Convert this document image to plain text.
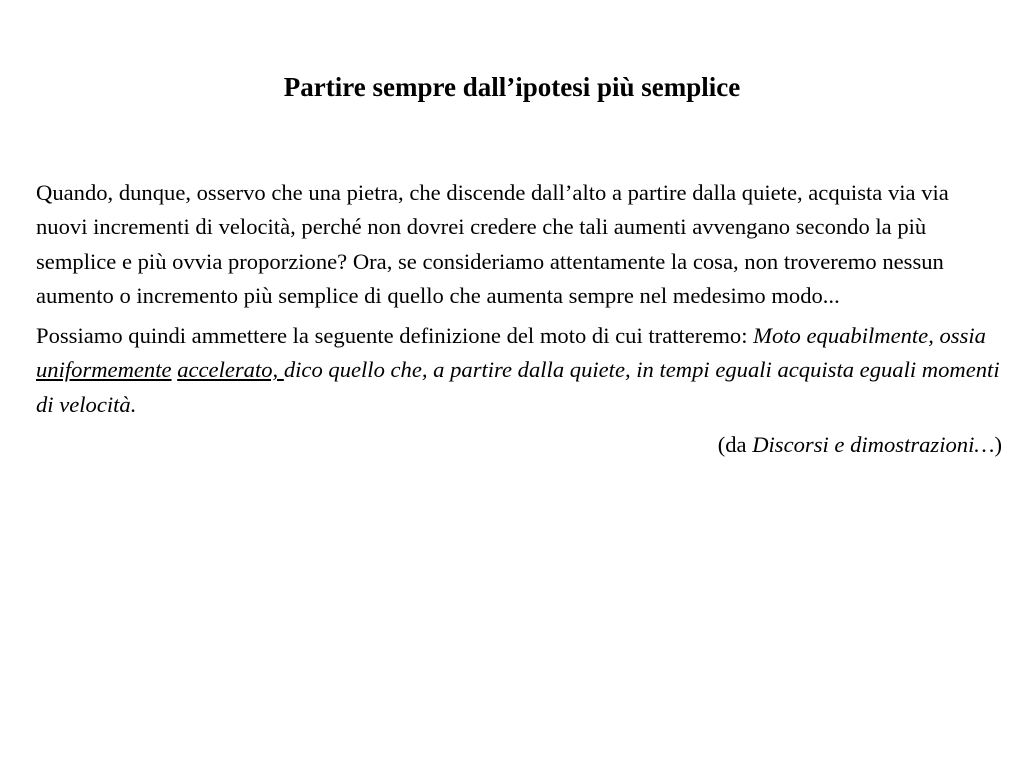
Partire sempre dall’ipotesi più semplice

Quando, dunque, osservo che una pietra, che discende dall’alto a partire dalla quiete, acquista via via nuovi incrementi di velocità, perché non dovrei credere che tali aumenti avvengano secondo la più semplice e più ovvia proporzione? Ora, se consideriamo attentamente la cosa, non troveremo nessun aumento o incremento più semplice di quello che aumenta sempre nel medesimo modo...

Possiamo quindi ammettere la seguente definizione del moto di cui tratteremo: Moto equabilmente, ossia uniformemente accelerato, dico quello che, a partire dalla quiete, in tempi eguali acquista eguali momenti di velocità.

(da Discorsi e dimostrazioni…)
